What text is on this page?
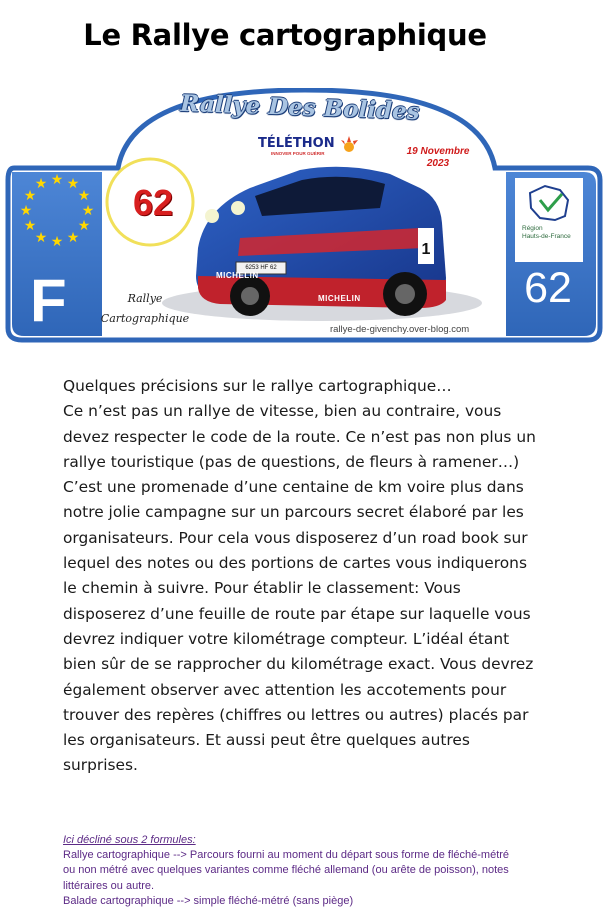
Le Rallye cartographique
★ ★
★
★
★
★
★
★
★
★
★
★
1
Rallye Des Bolides
TÉLÉTHON
INNOVER POUR GUÉRIR	19 Novembre
2023
62
F	62
Rallye
Cartographique
Région
Hauts-de-France
MICHELIN
MICHELIN
6253 HF 62
rallye-de-givenchy.over-blog.com
Quelques précisions sur le rallye cartographique…
Ce n’est pas un rallye de vitesse, bien au contraire, vous
devez respecter le code de la route. Ce n’est pas non plus un
rallye touristique (pas de questions, de fleurs à ramener…)
C’est une promenade d’une centaine de km voire plus dans
notre jolie campagne sur un parcours secret élaboré par les
organisateurs. Pour cela vous disposerez d’un road book sur
lequel des notes ou des portions de cartes vous indiquerons
le chemin à suivre. Pour établir le classement: Vous
disposerez d’une feuille de route par étape sur laquelle vous
devrez indiquer votre kilométrage compteur. L’idéal étant
bien sûr de se rapprocher du kilométrage exact. Vous devrez
également observer avec attention les accotements pour
trouver des repères (chiffres ou lettres ou autres) placés par
les organisateurs. Et aussi peut être quelques autres
surprises.
Ici décliné sous 2 formules:
Rallye cartographique --> Parcours fourni au moment du départ sous forme de fléché-métré
ou non métré avec quelques variantes comme fléché allemand (ou arête de poisson), notes
littéraires ou autre.
Balade cartographique --> simple fléché-métré (sans piège)
